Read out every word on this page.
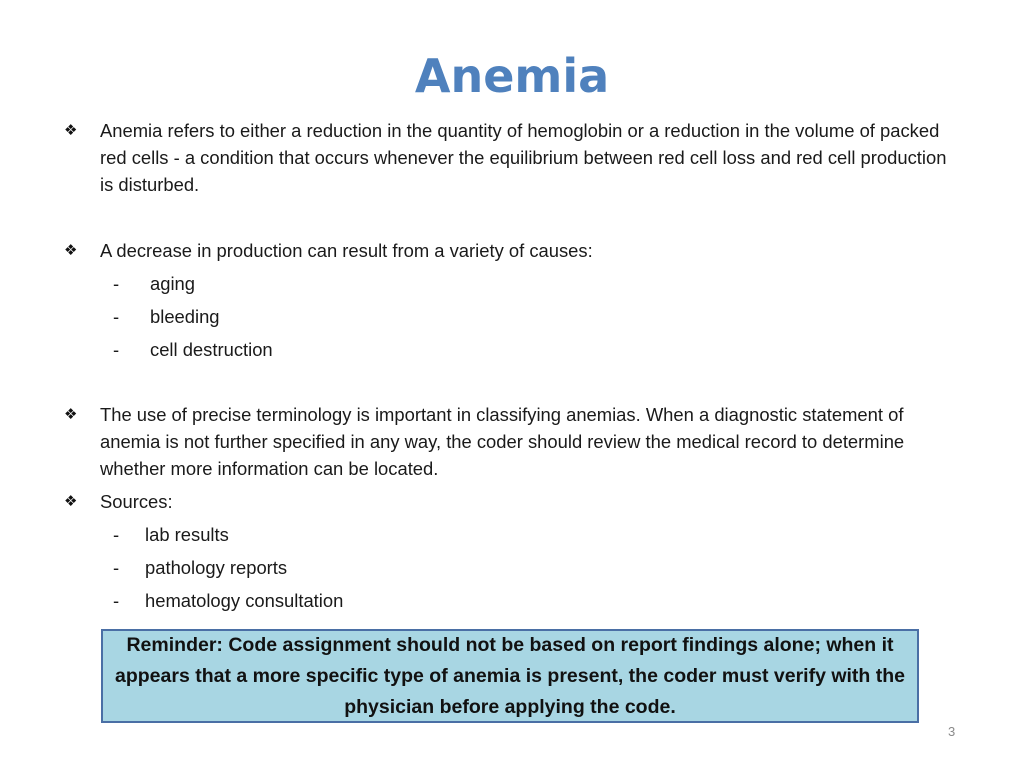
Anemia
❖ Anemia refers to either a reduction in the quantity of hemoglobin or a reduction in the volume of packed red cells - a condition that occurs whenever the equilibrium between red cell loss and red cell production is disturbed.

❖ A decrease in production can result from a variety of causes:

- aging
- bleeding
- cell destruction
❖ The use of precise terminology is important in classifying anemias. When a diagnostic statement of anemia is not further specified in any way, the coder should review the medical record to determine whether more information can be located.

❖ Sources:

- lab results
- pathology reports
- hematology consultation
Reminder: Code assignment should not be based on report findings alone; when it appears that a more specific type of anemia is present, the coder must verify with the physician before applying the code.
3
